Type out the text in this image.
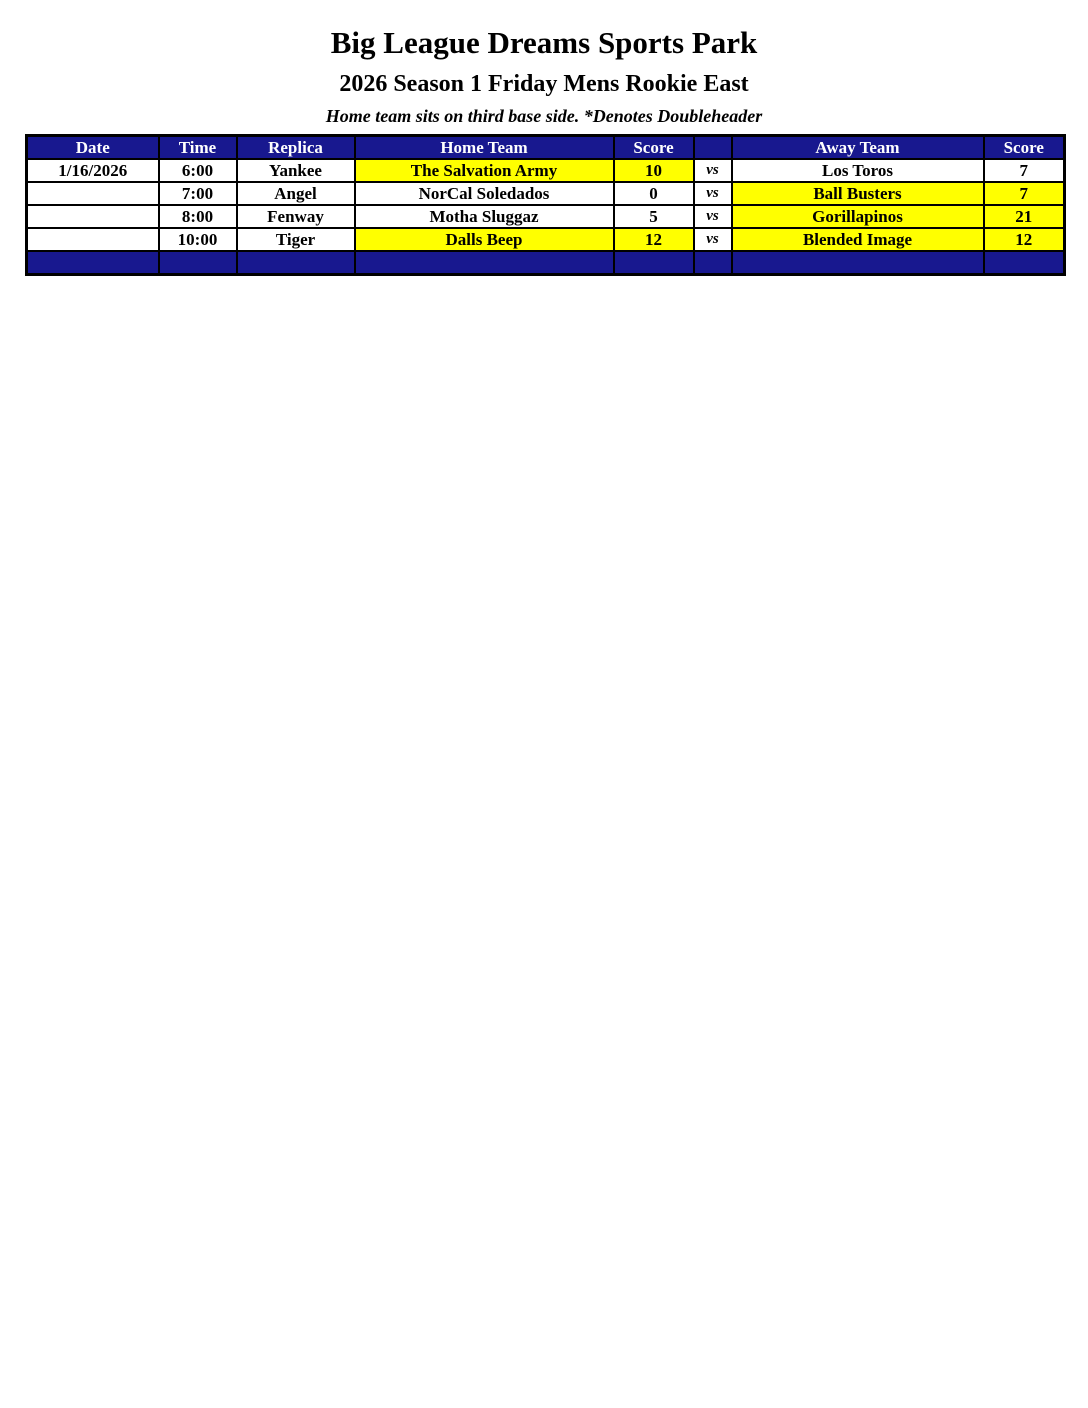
Big League Dreams Sports Park
2026 Season 1 Friday Mens Rookie East
Home team sits on third base side. *Denotes Doubleheader
Date	Time	Replica	Home Team	Score		Away Team	Score
1/16/2026	6:00	Yankee	The Salvation Army	10	vs	Los Toros	7
	7:00	Angel	NorCal Soledados	0	vs	Ball Busters	7
	8:00	Fenway	Motha Sluggaz	5	vs	Gorillapinos	21
	10:00	Tiger	Dalls Beep	12	vs	Blended Image	12
